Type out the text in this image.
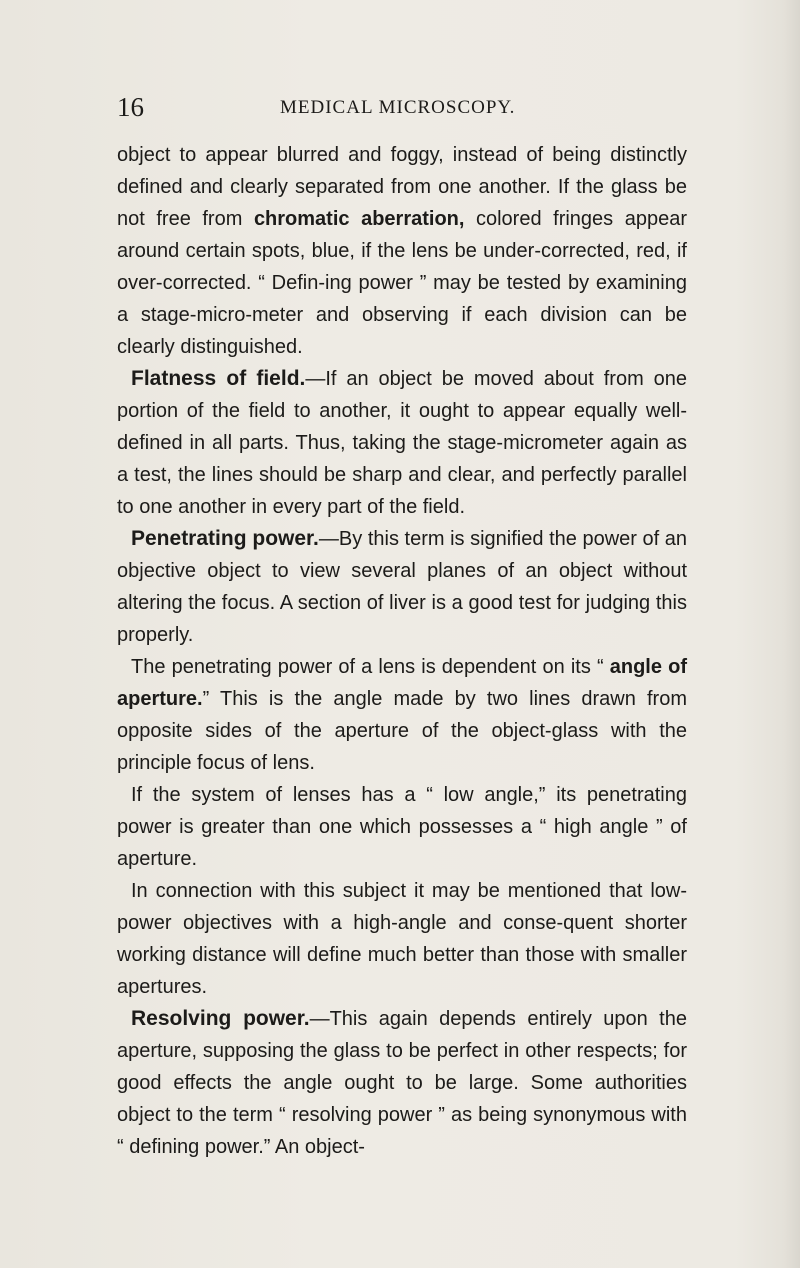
16	MEDICAL MICROSCOPY.

object to appear blurred and foggy, instead of being distinctly defined and clearly separated from one another. If the glass be not free from chromatic aberration, colored fringes appear around certain spots, blue, if the lens be under-corrected, red, if over-corrected. “ Defin-ing power ” may be tested by examining a stage-micro-meter and observing if each division can be clearly distinguished.

Flatness of field.—If an object be moved about from one portion of the field to another, it ought to appear equally well-defined in all parts. Thus, taking the stage-micrometer again as a test, the lines should be sharp and clear, and perfectly parallel to one another in every part of the field.

Penetrating power.—By this term is signified the power of an objective object to view several planes of an object without altering the focus. A section of liver is a good test for judging this properly.

The penetrating power of a lens is dependent on its “ angle of aperture.” This is the angle made by two lines drawn from opposite sides of the aperture of the object-glass with the principle focus of lens.

If the system of lenses has a “ low angle,” its penetrating power is greater than one which possesses a “ high angle ” of aperture.

In connection with this subject it may be mentioned that low-power objectives with a high-angle and conse-quent shorter working distance will define much better than those with smaller apertures.

Resolving power.—This again depends entirely upon the aperture, supposing the glass to be perfect in other respects; for good effects the angle ought to be large. Some authorities object to the term “ resolving power ” as being synonymous with “ defining power.” An object-
